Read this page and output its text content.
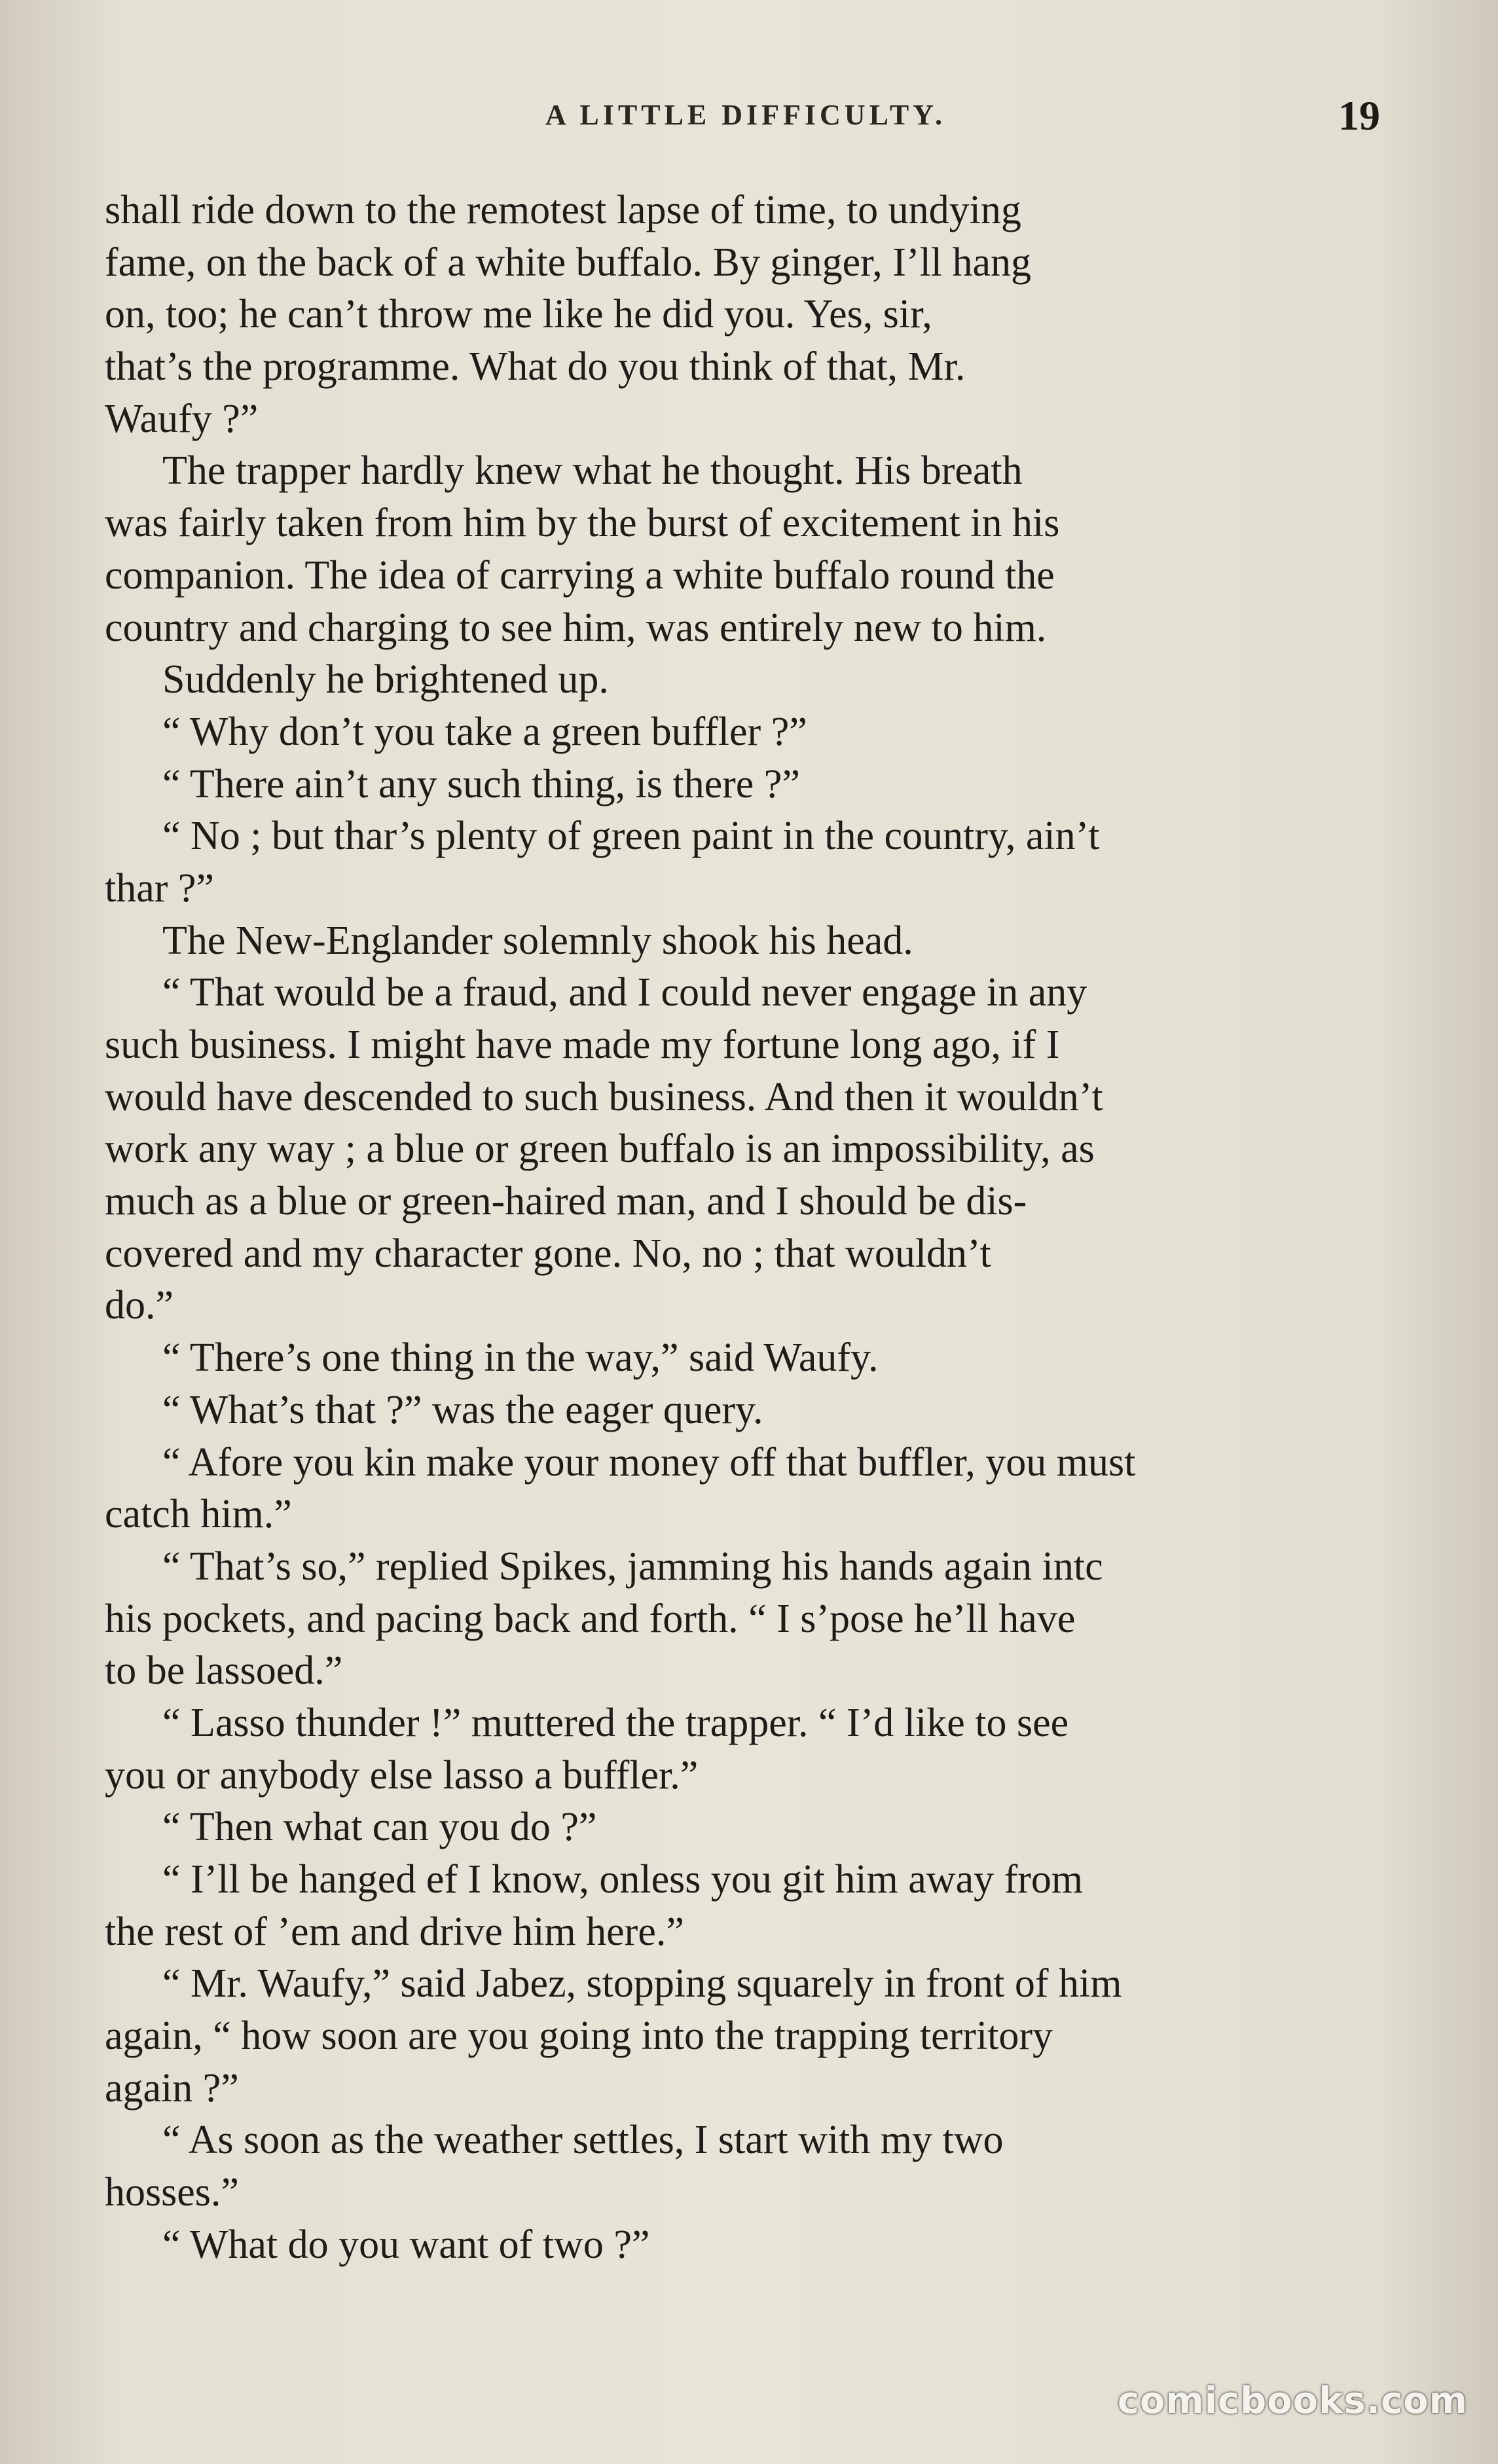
A LITTLE DIFFICULTY.	19
shall ride down to the remotest lapse of time, to undying
fame, on the back of a white buffalo. By ginger, I’ll hang
on, too; he can’t throw me like he did you. Yes, sir,
that’s the programme. What do you think of that, Mr.
Waufy ?”
The trapper hardly knew what he thought. His breath
was fairly taken from him by the burst of excitement in his
companion. The idea of carrying a white buffalo round the
country and charging to see him, was entirely new to him.
Suddenly he brightened up.
“ Why don’t you take a green buffler ?”
“ There ain’t any such thing, is there ?”
“ No ; but thar’s plenty of green paint in the country, ain’t
thar ?”
The New-Englander solemnly shook his head.
“ That would be a fraud, and I could never engage in any
such business. I might have made my fortune long ago, if I
would have descended to such business. And then it wouldn’t
work any way ; a blue or green buffalo is an impossibility, as
much as a blue or green-haired man, and I should be dis-
covered and my character gone. No, no ; that wouldn’t
do.”
“ There’s one thing in the way,” said Waufy.
“ What’s that ?” was the eager query.
“ Afore you kin make your money off that buffler, you must
catch him.”
“ That’s so,” replied Spikes, jamming his hands again intc
his pockets, and pacing back and forth. “ I s’pose he’ll have
to be lassoed.”
“ Lasso thunder !” muttered the trapper. “ I’d like to see
you or anybody else lasso a buffler.”
“ Then what can you do ?”
“ I’ll be hanged ef I know, onless you git him away from
the rest of ’em and drive him here.”
“ Mr. Waufy,” said Jabez, stopping squarely in front of him
again, “ how soon are you going into the trapping territory
again ?”
“ As soon as the weather settles, I start with my two
hosses.”
“ What do you want of two ?”
comicbooks.com
